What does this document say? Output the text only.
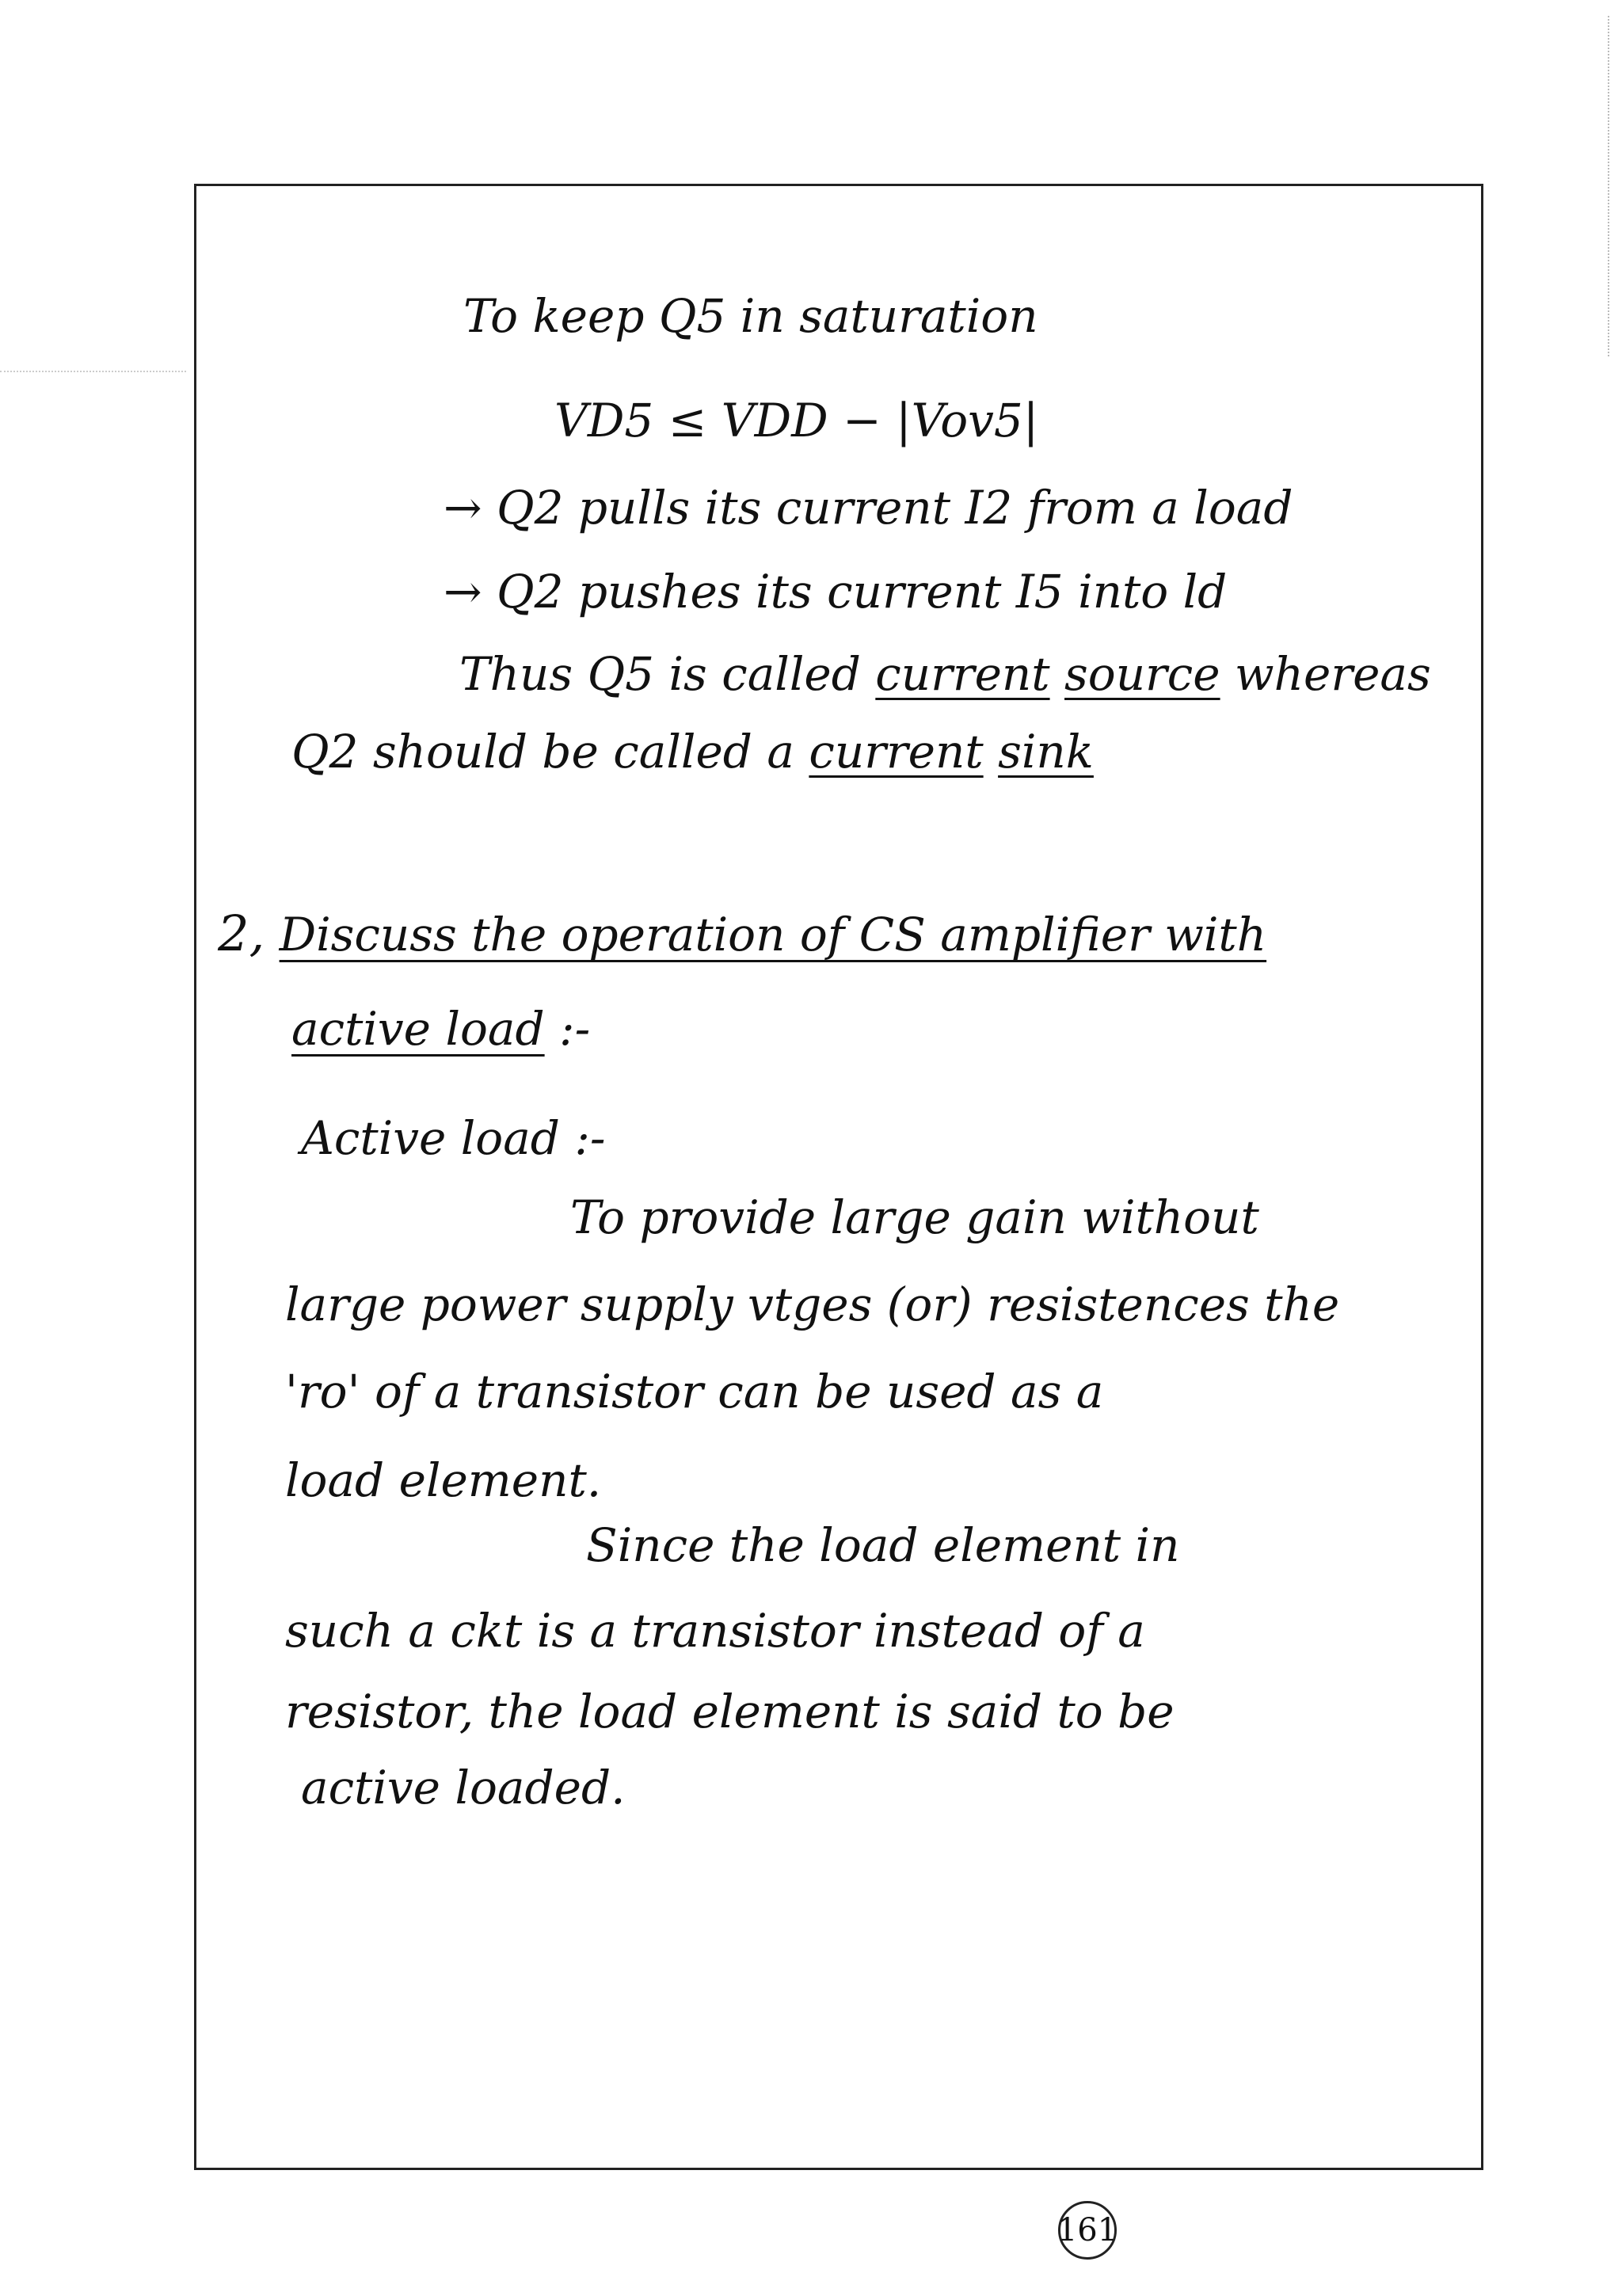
To keep Q5 in saturation
VD5 ≤ VDD − |Vov5|
→ Q2 pulls its current I2 from a load
→ Q2 pushes its current I5 into ld
Thus Q5 is called current source whereas
Q2 should be called a current sink
2, Discuss the operation of CS amplifier with
active load :-
Active load :-
To provide large gain without
large power supply vtges (or) resistences the
'ro' of a transistor can be used as a
load element.
Since the load element in
such a ckt is a transistor instead of a
resistor, the load element is said to be
active loaded.
161
